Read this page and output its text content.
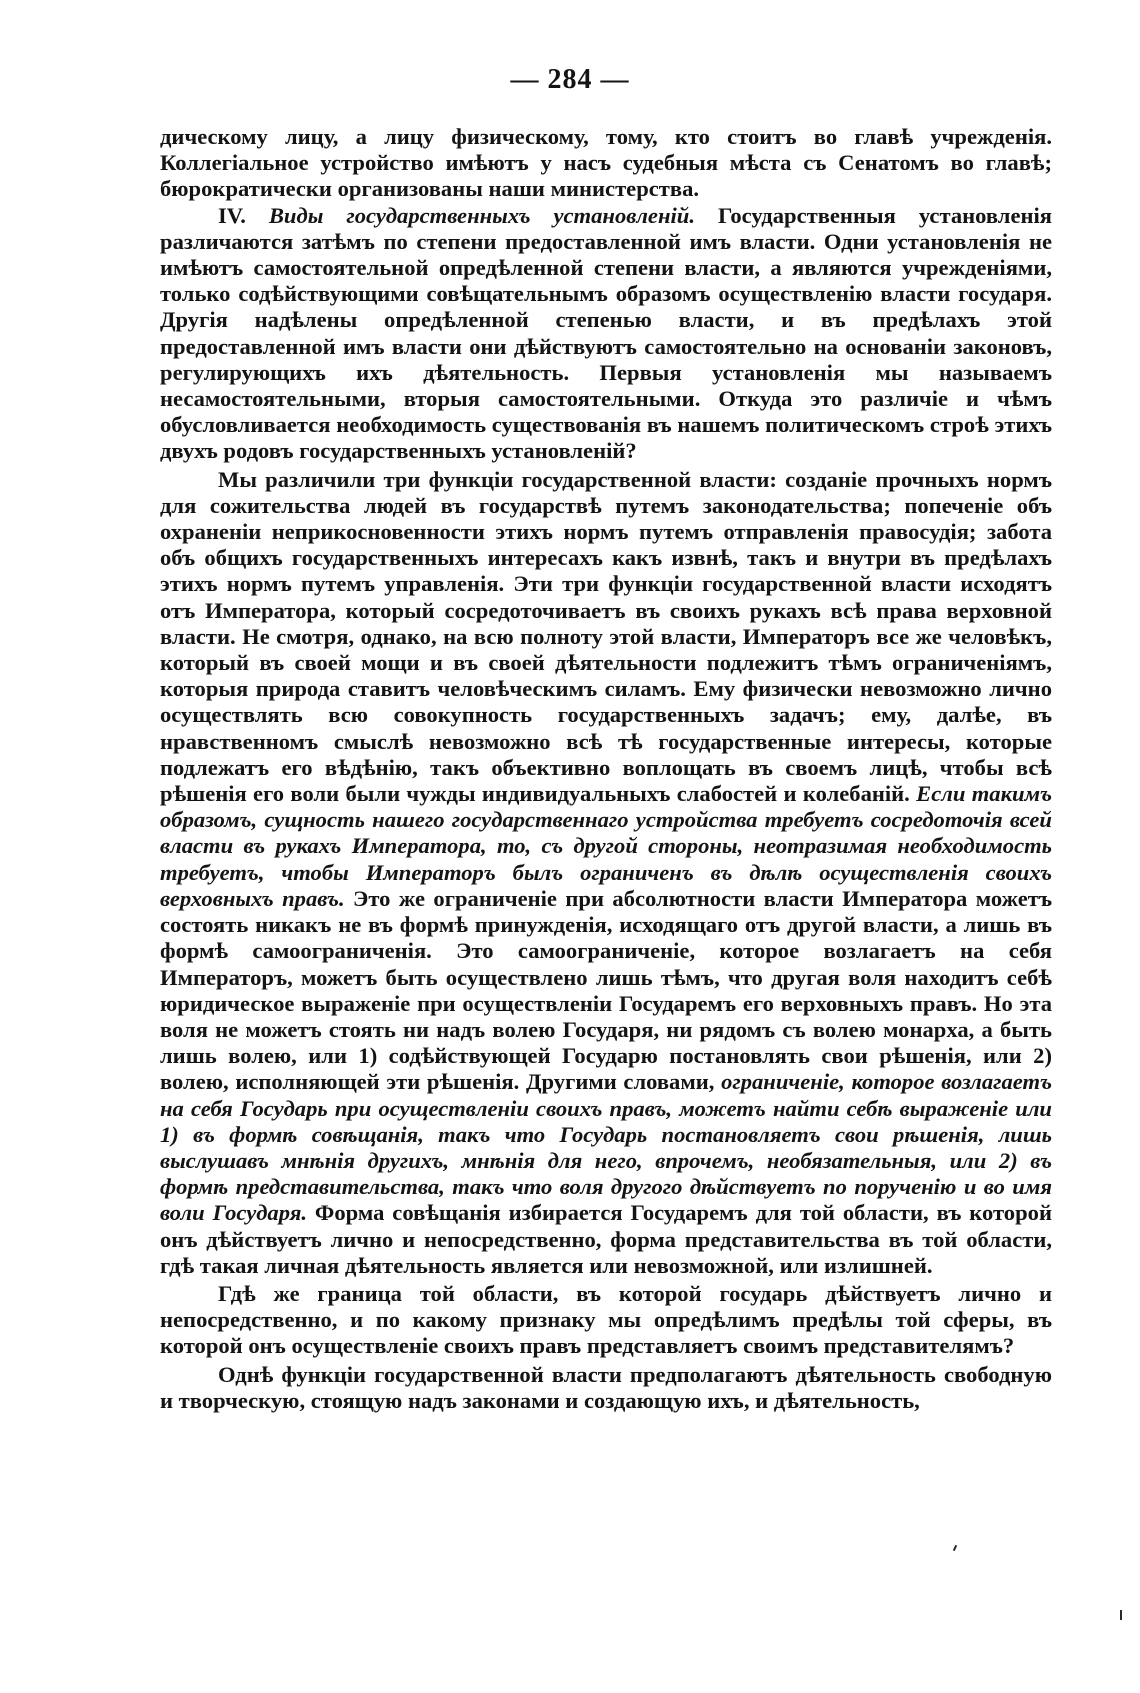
— 284 —

дическому лицу, а лицу физическому, тому, кто стоитъ во главѣ учрежденія. Коллегіальное устройство имѣютъ у насъ судебныя мѣста съ Сенатомъ во главѣ; бюрократически организованы наши министерства.

IV. Виды государственныхъ установленій. Государственныя установленія различаются затѣмъ по степени предоставленной имъ власти. Одни установленія не имѣютъ самостоятельной опредѣленной степени власти, а являются учрежденіями, только содѣйствующими совѣщательнымъ образомъ осуществленію власти государя. Другія надѣлены опредѣленной степенью власти, и въ предѣлахъ этой предоставленной имъ власти они дѣйствуютъ самостоятельно на основаніи законовъ, регулирующихъ ихъ дѣятельность. Первыя установленія мы называемъ несамостоятельными, вторыя самостоятельными. Откуда это различіе и чѣмъ обусловливается необходимость существованія въ нашемъ политическомъ строѣ этихъ двухъ родовъ государственныхъ установленій?

Мы различили три функціи государственной власти: созданіе прочныхъ нормъ для сожительства людей въ государствѣ путемъ законодательства; попеченіе объ охраненіи неприкосновенности этихъ нормъ путемъ отправленія правосудія; забота объ общихъ государственныхъ интересахъ какъ извнѣ, такъ и внутри въ предѣлахъ этихъ нормъ путемъ управленія. Эти три функціи государственной власти исходятъ отъ Императора, который сосредоточиваетъ въ своихъ рукахъ всѣ права верховной власти. Не смотря, однако, на всю полноту этой власти, Императоръ все же человѣкъ, который въ своей мощи и въ своей дѣятельности подлежитъ тѣмъ ограниченіямъ, которыя природа ставитъ человѣческимъ силамъ. Ему физически невозможно лично осуществлять всю совокупность государственныхъ задачъ; ему, далѣе, въ нравственномъ смыслѣ невозможно всѣ тѣ государственные интересы, которые подлежатъ его вѣдѣнію, такъ объективно воплощать въ своемъ лицѣ, чтобы всѣ рѣшенія его воли были чужды индивидуальныхъ слабостей и колебаній. Если такимъ образомъ, сущность нашего государственнаго устройства требуетъ сосредоточія всей власти въ рукахъ Императора, то, съ другой стороны, неотразимая необходимость требуетъ, чтобы Императоръ былъ ограниченъ въ дѣлѣ осуществленія своихъ верховныхъ правъ. Это же ограниченіе при абсолютности власти Императора можетъ состоять никакъ не въ формѣ принужденія, исходящаго отъ другой власти, а лишь въ формѣ самоограниченія. Это самоограниченіе, которое возлагаетъ на себя Императоръ, можетъ быть осуществлено лишь тѣмъ, что другая воля находитъ себѣ юридическое выраженіе при осуществленіи Государемъ его верховныхъ правъ. Но эта воля не можетъ стоять ни надъ волею Государя, ни рядомъ съ волею монарха, а быть лишь волею, или 1) содѣйствующей Государю постановлять свои рѣшенія, или 2) волею, исполняющей эти рѣшенія. Другими словами, ограниченіе, которое возлагаетъ на себя Государь при осуществленіи своихъ правъ, можетъ найти себѣ выраженіе или 1) въ формѣ совѣщанія, такъ что Государь постановляетъ свои рѣшенія, лишь выслушавъ мнѣнія другихъ, мнѣнія для него, впрочемъ, необязательныя, или 2) въ формѣ представительства, такъ что воля другого дѣйствуетъ по порученію и во имя воли Государя. Форма совѣщанія избирается Государемъ для той области, въ которой онъ дѣйствуетъ лично и непосредственно, форма представительства въ той области, гдѣ такая личная дѣятельность является или невозможной, или излишней.

Гдѣ же граница той области, въ которой государь дѣйствуетъ лично и непосредственно, и по какому признаку мы опредѣлимъ предѣлы той сферы, въ которой онъ осуществленіе своихъ правъ представляетъ своимъ представителямъ?

Однѣ функціи государственной власти предполагаютъ дѣятельность свободную и творческую, стоящую надъ законами и создающую ихъ, и дѣятельность,
